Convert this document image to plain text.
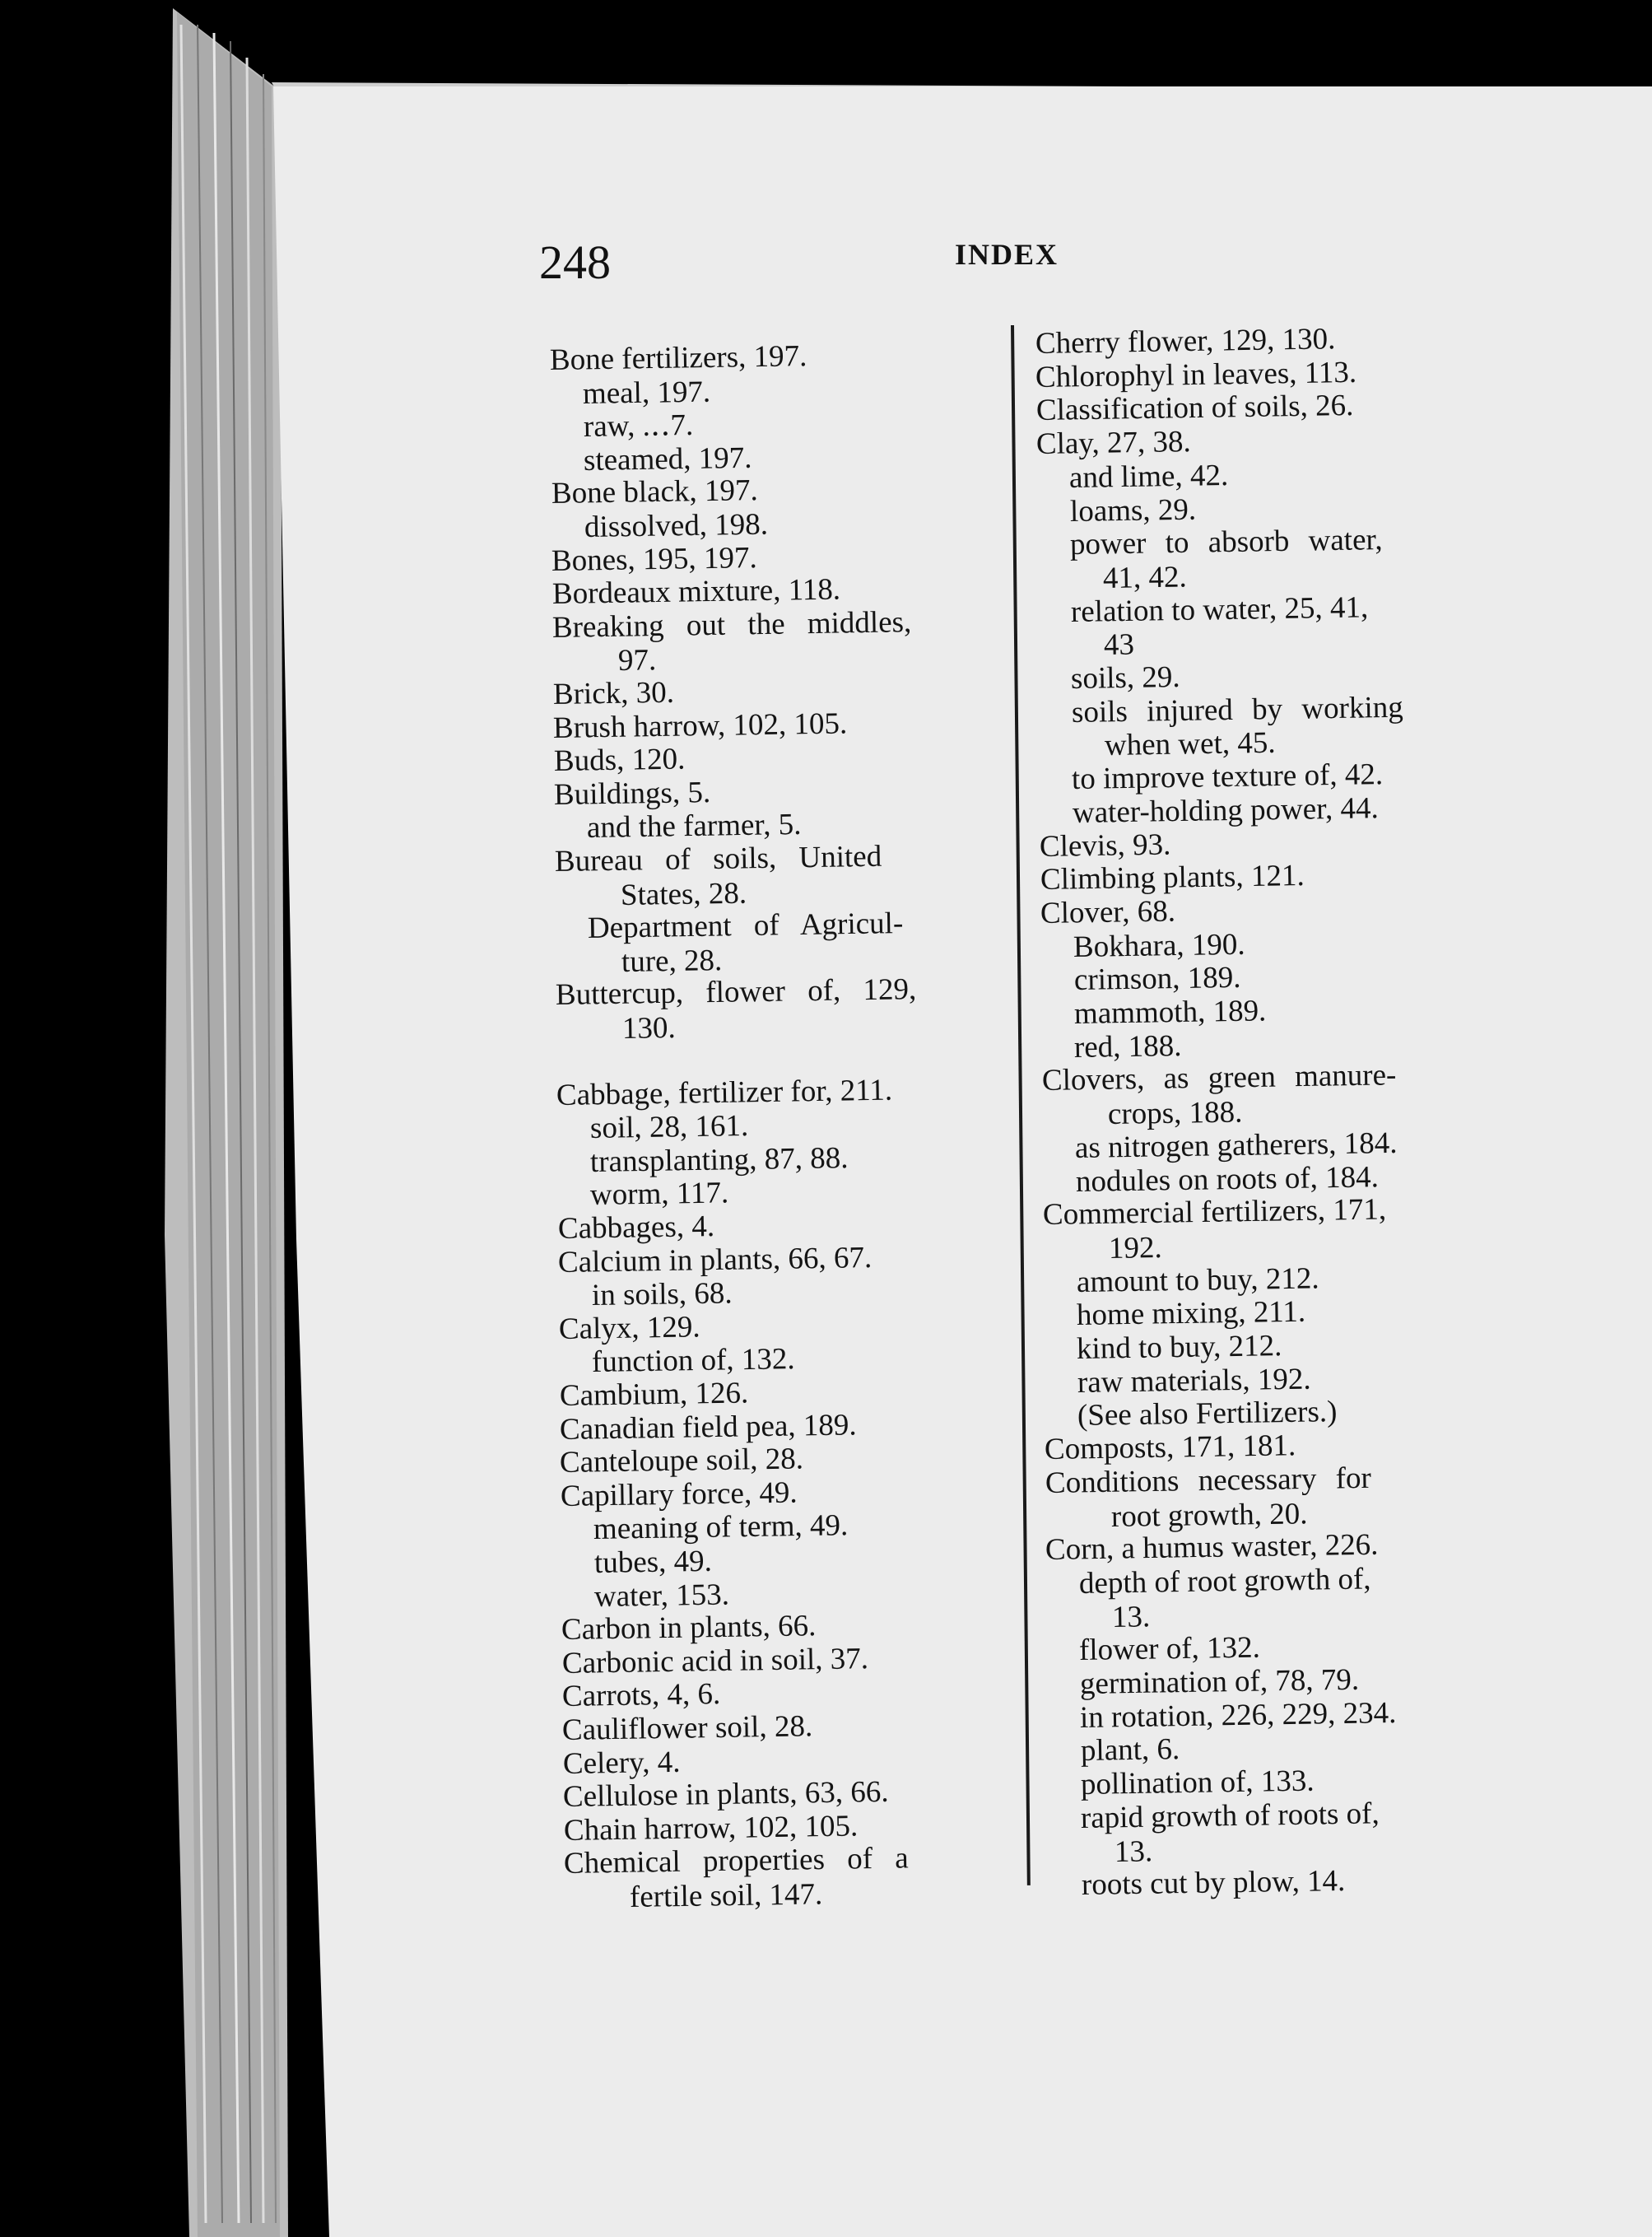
248	INDEX
Bone fertilizers, 197.
meal, 197.
raw, .‥7.
steamed, 197.
Bone black, 197.
dissolved, 198.
Bones, 195, 197.
Bordeaux mixture, 118.
Breaking out the middles,
97.
Brick, 30.
Brush harrow, 102, 105.
Buds, 120.
Buildings, 5.
and the farmer, 5.
Bureau of soils, United
States, 28.
Department of Agricul-
ture, 28.
Buttercup, flower of, 129,
130.
Cabbage, fertilizer for, 211.
soil, 28, 161.
transplanting, 87, 88.
worm, 117.
Cabbages, 4.
Calcium in plants, 66, 67.
in soils, 68.
Calyx, 129.
function of, 132.
Cambium, 126.
Canadian field pea, 189.
Canteloupe soil, 28.
Capillary force, 49.
meaning of term, 49.
tubes, 49.
water, 153.
Carbon in plants, 66.
Carbonic acid in soil, 37.
Carrots, 4, 6.
Cauliflower soil, 28.
Celery, 4.
Cellulose in plants, 63, 66.
Chain harrow, 102, 105.
Chemical properties of a
fertile soil, 147.
Cherry flower, 129, 130.
Chlorophyl in leaves, 113.
Classification of soils, 26.
Clay, 27, 38.
and lime, 42.
loams, 29.
power to absorb water,
41, 42.
relation to water, 25, 41,
43
soils, 29.
soils injured by working
when wet, 45.
to improve texture of, 42.
water-holding power, 44.
Clevis, 93.
Climbing plants, 121.
Clover, 68.
Bokhara, 190.
crimson, 189.
mammoth, 189.
red, 188.
Clovers, as green manure-
crops, 188.
as nitrogen gatherers, 184.
nodules on roots of, 184.
Commercial fertilizers, 171,
192.
amount to buy, 212.
home mixing, 211.
kind to buy, 212.
raw materials, 192.
(See also Fertilizers.)
Composts, 171, 181.
Conditions necessary for
root growth, 20.
Corn, a humus waster, 226.
depth of root growth of,
13.
flower of, 132.
germination of, 78, 79.
in rotation, 226, 229, 234.
plant, 6.
pollination of, 133.
rapid growth of roots of,
13.
roots cut by plow, 14.
